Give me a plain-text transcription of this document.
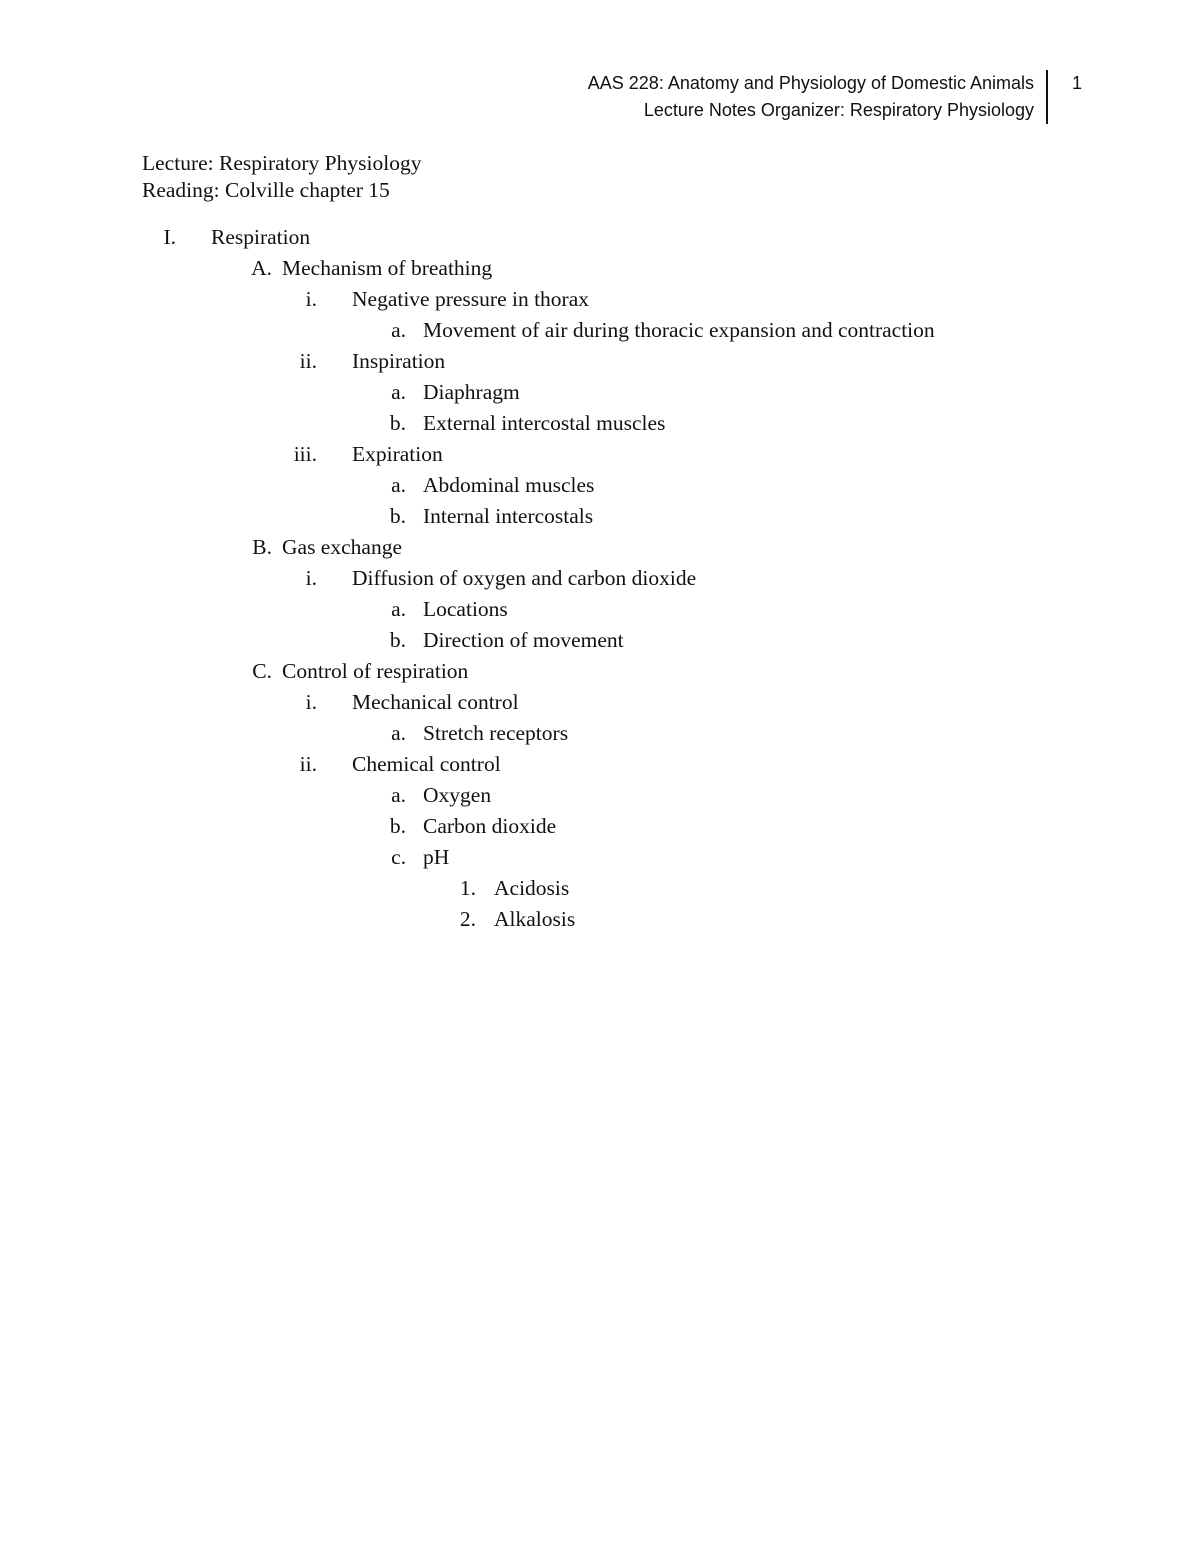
AAS 228: Anatomy and Physiology of Domestic Animals
Lecture Notes Organizer: Respiratory Physiology
1
Lecture: Respiratory Physiology
Reading: Colville chapter 15
I. Respiration
A. Mechanism of breathing
i. Negative pressure in thorax
a. Movement of air during thoracic expansion and contraction
ii. Inspiration
a. Diaphragm
b. External intercostal muscles
iii. Expiration
a. Abdominal muscles
b. Internal intercostals
B. Gas exchange
i. Diffusion of oxygen and carbon dioxide
a. Locations
b. Direction of movement
C. Control of respiration
i. Mechanical control
a. Stretch receptors
ii. Chemical control
a. Oxygen
b. Carbon dioxide
c. pH
1. Acidosis
2. Alkalosis
